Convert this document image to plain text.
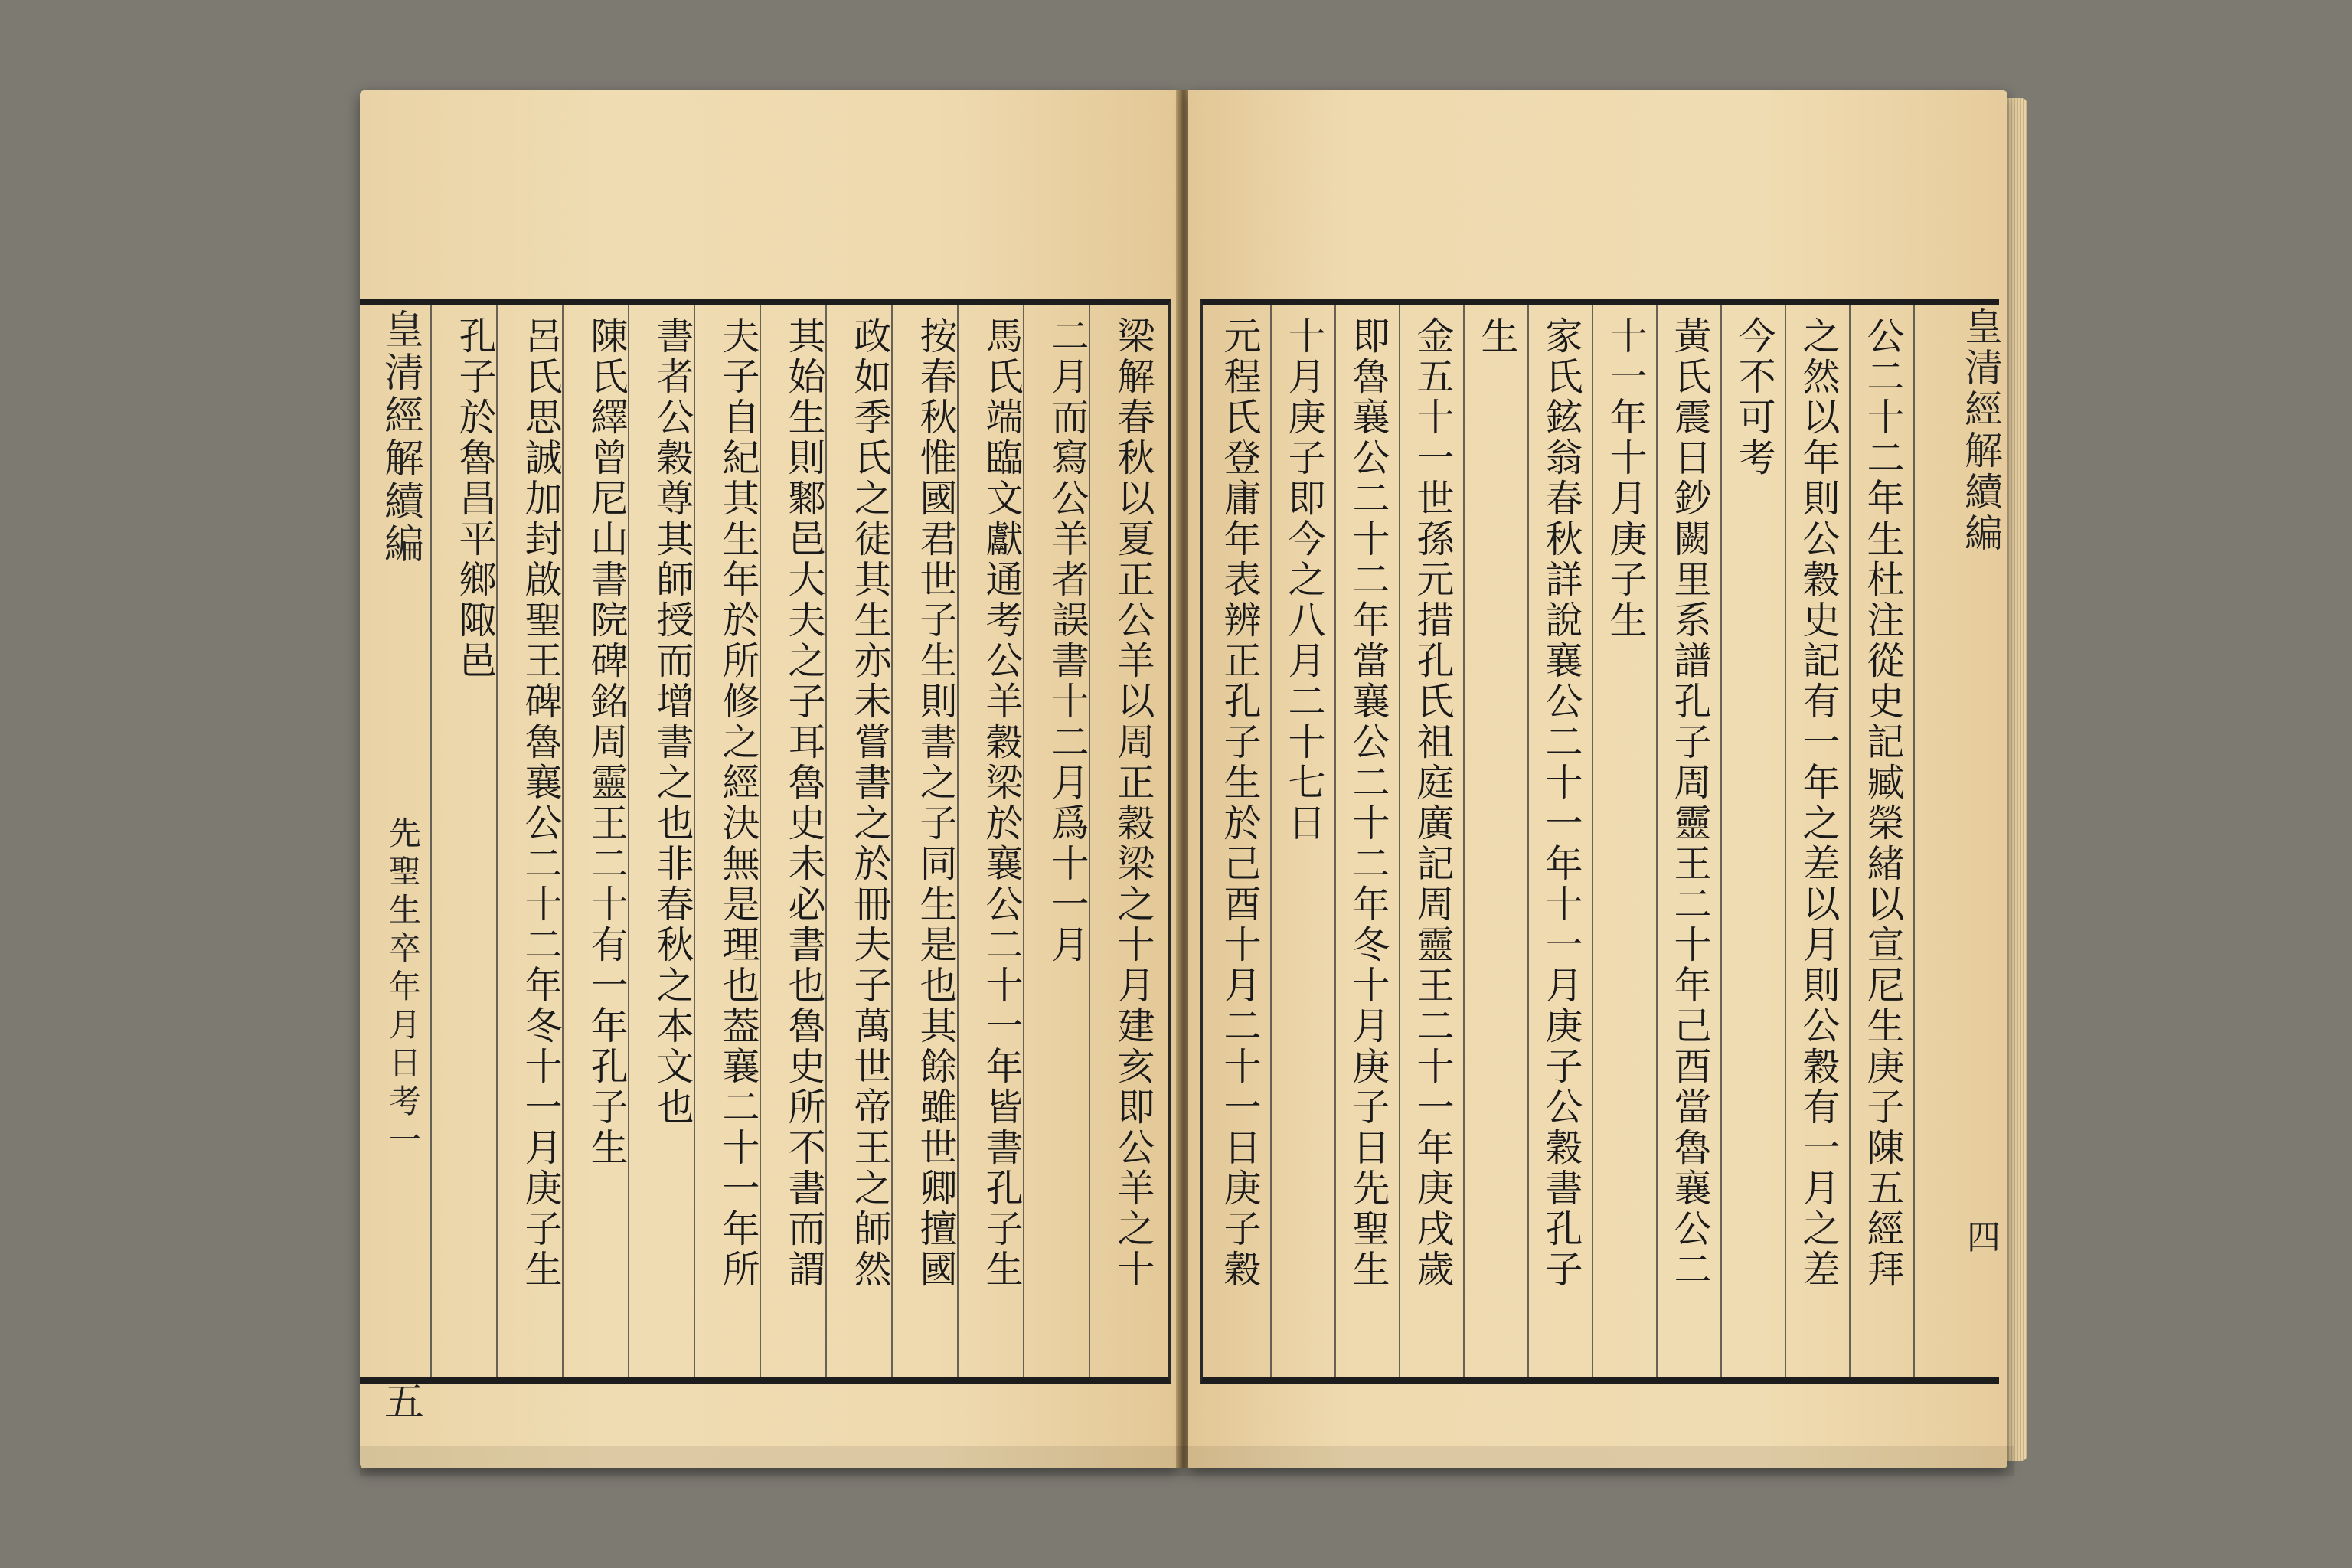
梁解春秋以夏正公羊以周正穀梁之十月建亥即公羊之十
二月而寫公羊者誤書十二月爲十一月
馬氏端臨文獻通考公羊穀梁於襄公二十一年皆書孔子生
按春秋惟國君世子生則書之子同生是也其餘雖世卿擅國
政如季氏之徒其生亦未嘗書之於冊夫子萬世帝王之師然
其始生則鄹邑大夫之子耳魯史未必書也魯史所不書而謂
夫子自紀其生年於所修之經決無是理也葢襄二十一年所
書者公穀尊其師授而增書之也非春秋之本文也
陳氏繹曾尼山書院碑銘周靈王二十有一年孔子生
呂氏思誠加封啟聖王碑魯襄公二十二年冬十一月庚子生
孔子於魯昌平鄉陬邑
皇清經解續編
先聖生卒年月日考一
五
公二十二年生杜注從史記臧榮緒以宣尼生庚子陳五經拜
之然以年則公穀史記有一年之差以月則公穀有一月之差
今不可考
黃氏震日鈔闕里系譜孔子周靈王二十年己酉當魯襄公二
十一年十月庚子生
家氏鉉翁春秋詳說襄公二十一年十一月庚子公穀書孔子
生
金五十一世孫元措孔氏祖庭廣記周靈王二十一年庚戌歲
即魯襄公二十二年當襄公二十二年冬十月庚子日先聖生
十月庚子即今之八月二十七日
元程氏登庸年表辨正孔子生於己酉十月二十一日庚子穀
皇清經解續編
四
